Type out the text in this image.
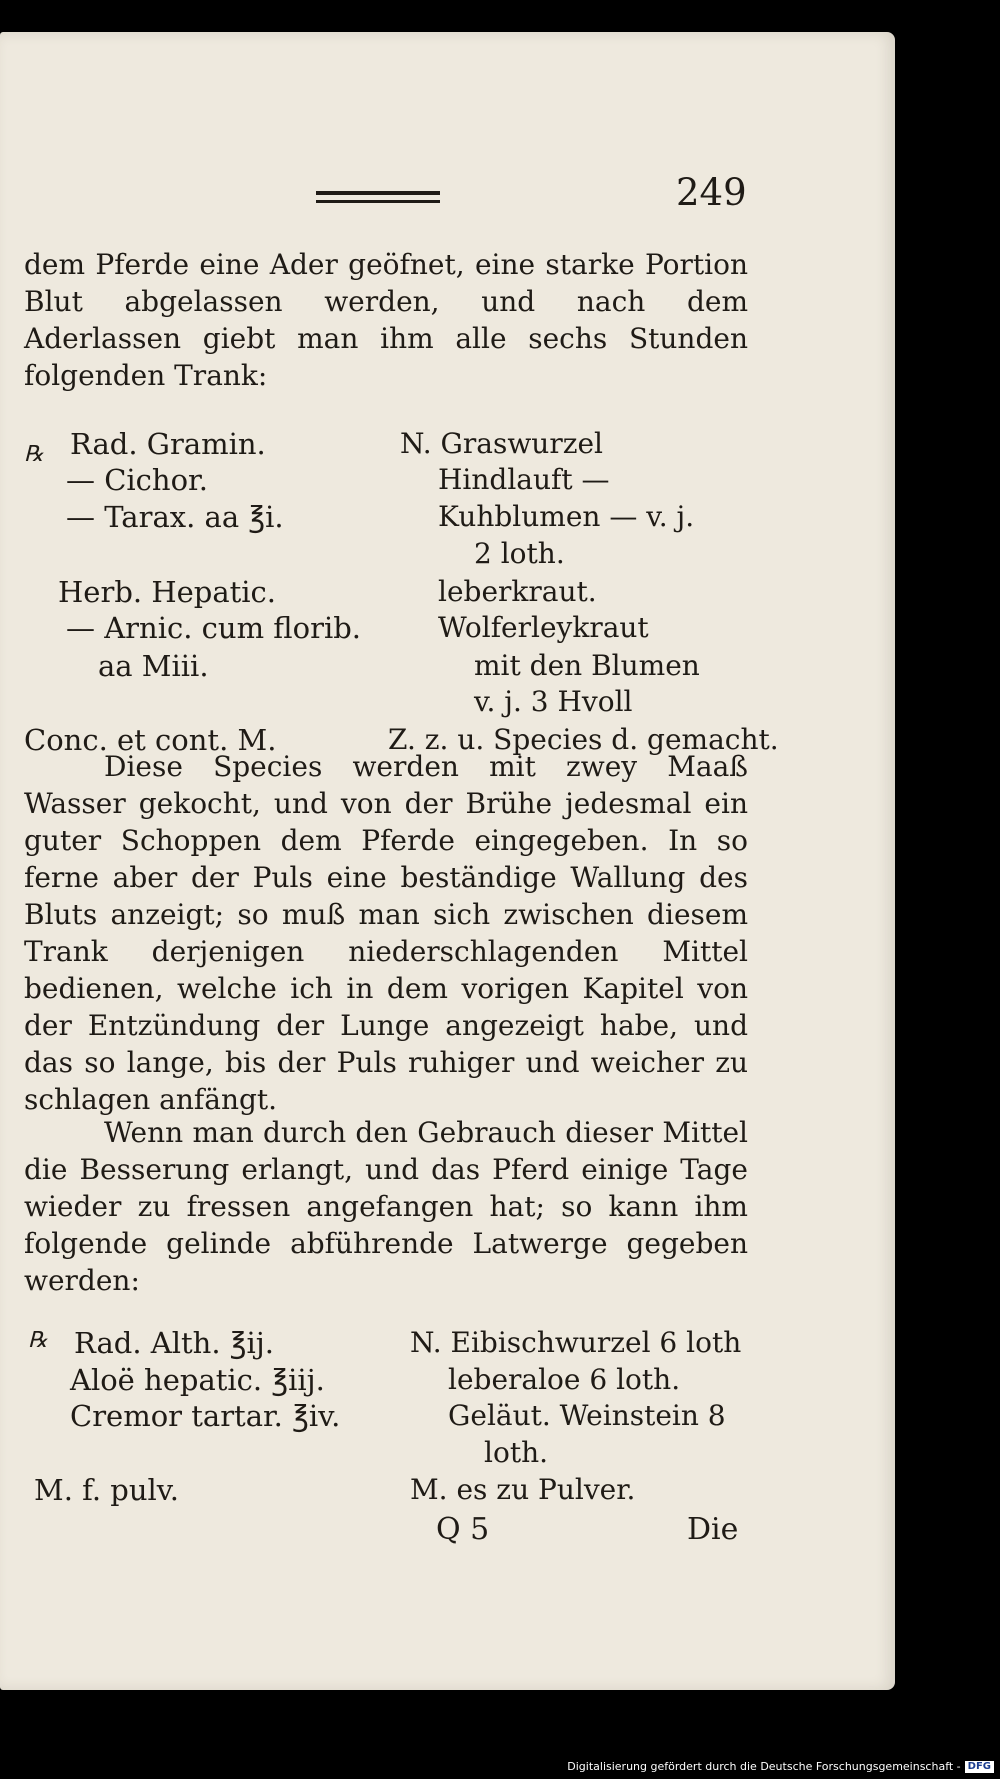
249

dem Pferde eine Ader geöfnet, eine starke Portion Blut abgelassen werden, und nach dem Aderlassen giebt man ihm alle sechs Stunden folgenden Trank:

℞ Rad. Gramin.
— Cichor.
— Tarax. aa ℥i.
Herb. Hepatic.
— Arnic. cum florib.
aa Miii.
Conc. et cont. M.
N. Graswurzel
Hindlauft —
Kuhblumen — v. j.
2 loth.
leberkraut.
Wolferleykraut
mit den Blumen
v. j. 3 Hvoll
Z. z. u. Species d. gemacht.

Diese Species werden mit zwey Maaß Wasser gekocht, und von der Brühe jedesmal ein guter Schoppen dem Pferde eingegeben. In so ferne aber der Puls eine beständige Wallung des Bluts anzeigt; so muß man sich zwischen diesem Trank derjenigen niederschlagenden Mittel bedienen, welche ich in dem vorigen Kapitel von der Entzündung der Lunge angezeigt habe, und das so lange, bis der Puls ruhiger und weicher zu schlagen anfängt.

Wenn man durch den Gebrauch dieser Mittel die Besserung erlangt, und das Pferd einige Tage wieder zu fressen angefangen hat; so kann ihm folgende gelinde abführende Latwerge gegeben werden:

℞ Rad. Alth. ℥ij.
Aloë hepatic. ℥iij.
Cremor tartar. ℥iv.
M. f. pulv.
N. Eibischwurzel 6 loth
leberaloe 6 loth.
Geläut. Weinstein 8
loth.
M. es zu Pulver.
Q 5	Die
Digitalisierung gefördert durch die Deutsche Forschungsgemeinschaft - DFG
